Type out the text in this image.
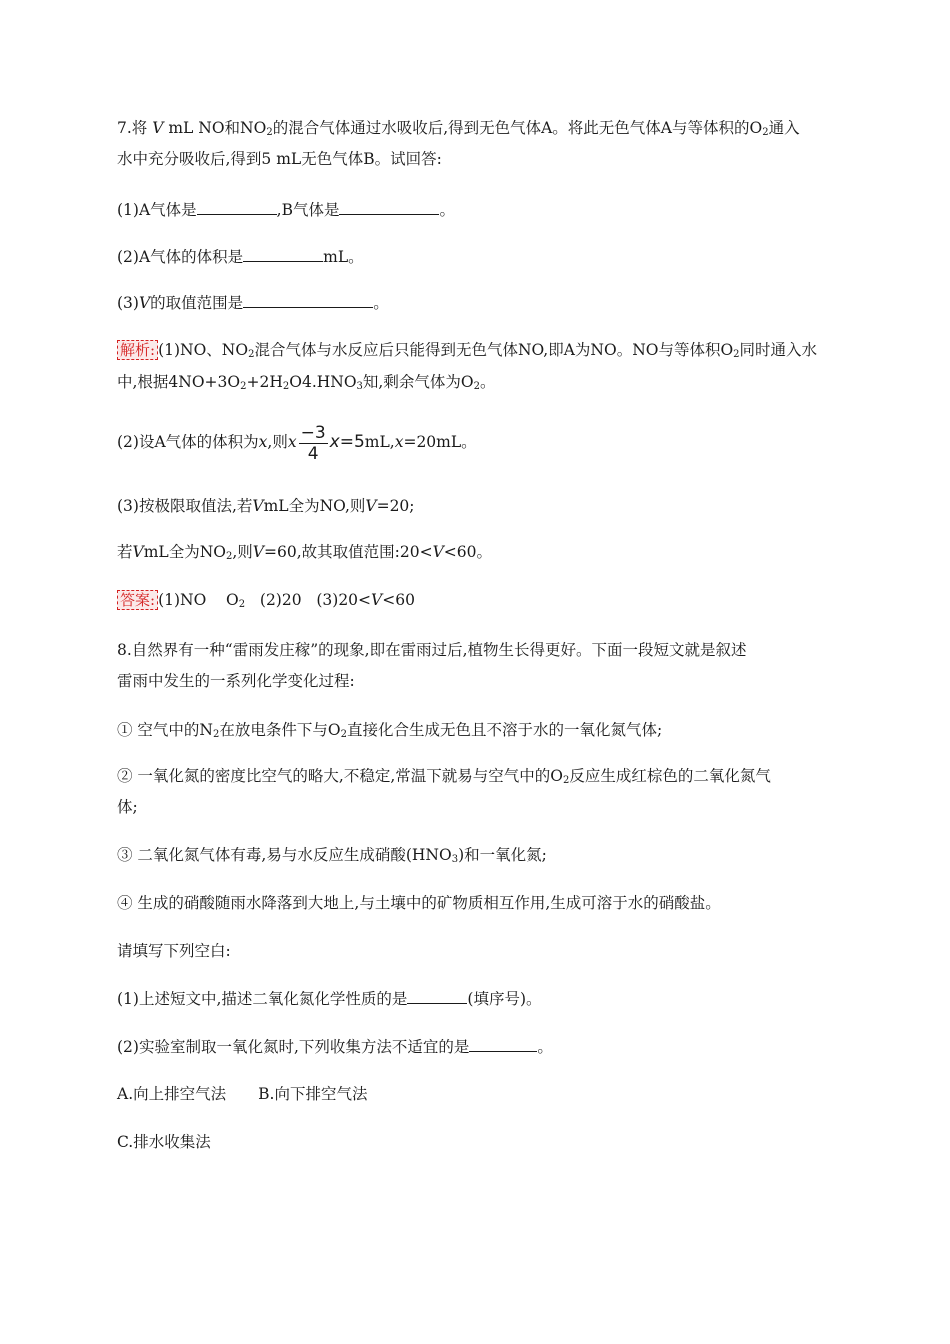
7.将 V mL NO和$NO_2$的混合气体通过水吸收后,得到无色气体A。将此无色气体A与等体积的$O_2$通入
水中充分吸收后,得到5 mL无色气体B。试回答:
(1)A气体是	,B气体是	。
(2)A气体的体积是	mL。
(3)V的取值范围是	。
解析: (1)NO、$NO_2$混合气体与水反应后只能得到无色气体NO,即A为NO。NO与等体积$O_2$同时通入水
中,根据$4NO+3O_2+2H_2O4.HNO_3$知,剩余气体为$O_2$。
(2)设A气体的体积为x,则x $\frac{-3}{4} x=5mL,x=20mL$。
(3)按极限取值法,若VmL全为NO,则V=20;
若VmL全为$NO_2$,则V=60,故其取值范围:20<V<60。
答案: (1)NO $O_2$ (2)20 (3)20<V<60
8.自然界有一种“雷雨发庄稼”的现象,即在雷雨过后,植物生长得更好。下面一段短文就是叙述
雷雨中发生的一系列化学变化过程:
① 空气中的$N_2$在放电条件下与$O_2$直接化合生成无色且不溶于水的一氧化氮气体;
② 一氧化氮的密度比空气的略大,不稳定,常温下就易与空气中的$O_2$反应生成红棕色的二氧化氮气
体;
③ 二氧化氮气体有毒,易与水反应生成硝酸$(HNO_3)$和一氧化氮;
④ 生成的硝酸随雨水降落到大地上,与土壤中的矿物质相互作用,生成可溶于水的硝酸盐。
请填写下列空白:
(1)上述短文中,描述二氧化氮化学性质的是	(填序号)。
(2)实验室制取一氧化氮时,下列收集方法不适宜的是	。
A.向上排空气法 B.向下排空气法
C.排水收集法
